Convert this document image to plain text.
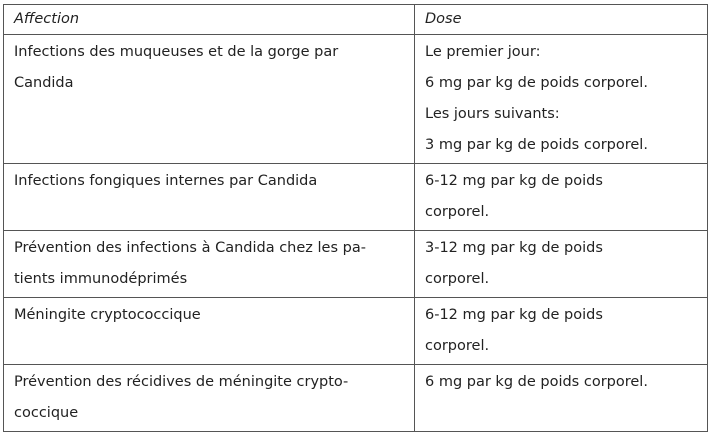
Affection	Dose

Infections des muqueuses et de la gorge par
Candida	Le premier jour:
6 mg par kg de poids corporel.
Les jours suivants:
3 mg par kg de poids corporel.

Infections fongiques internes par Candida	6-12 mg par kg de poids
corporel.

Prévention des infections à Candida chez les pa-
tients immunodéprimés	3-12 mg par kg de poids
corporel.

Méningite cryptococcique	6-12 mg par kg de poids
corporel.

Prévention des récidives de méningite crypto-
coccique	6 mg par kg de poids corporel.
